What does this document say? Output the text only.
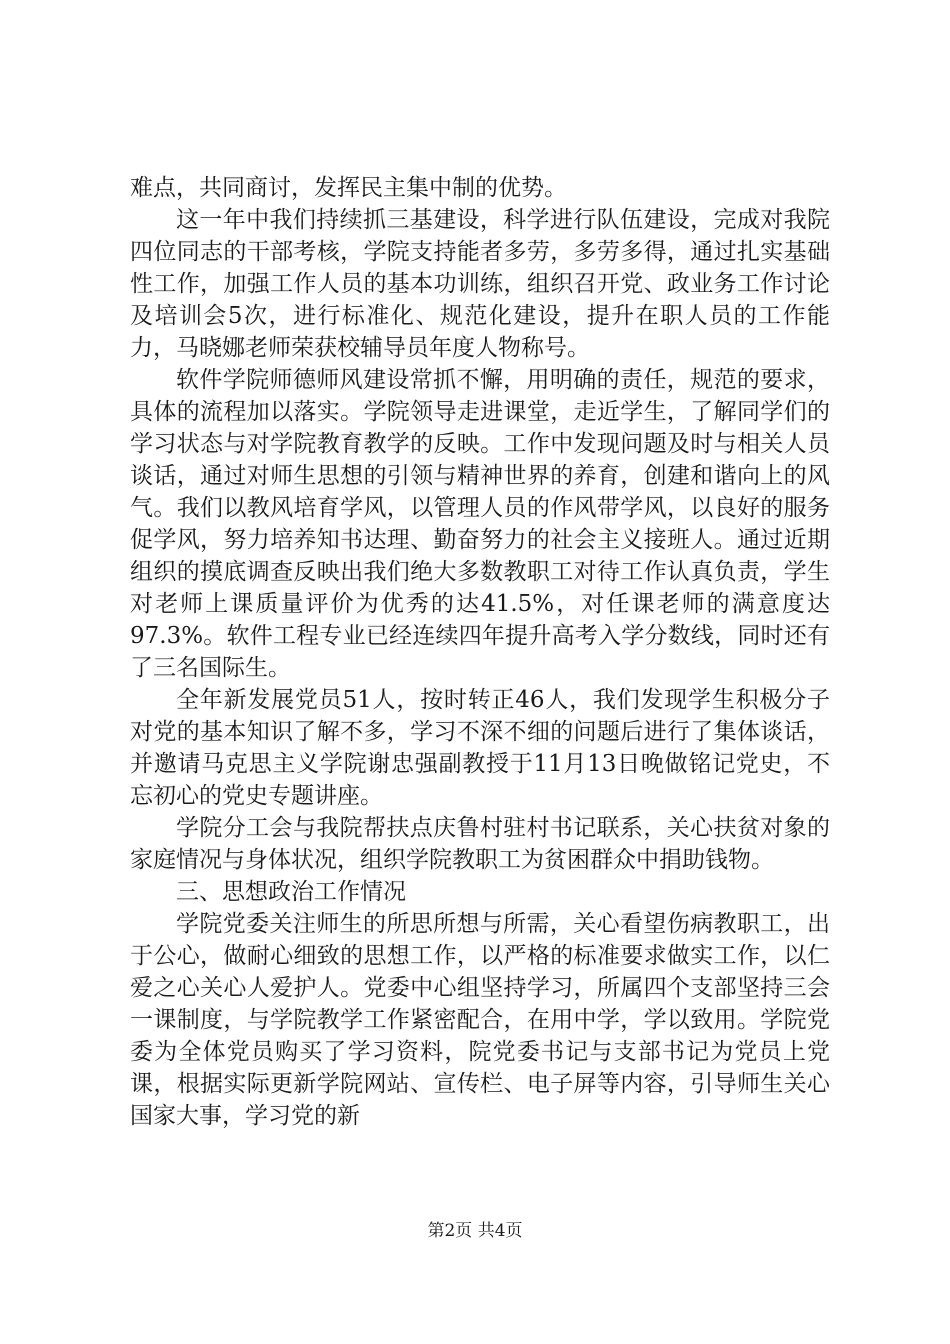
难点，共同商讨，发挥民主集中制的优势。

这一年中我们持续抓三基建设，科学进行队伍建设，完成对我院四位同志的干部考核，学院支持能者多劳，多劳多得，通过扎实基础性工作，加强工作人员的基本功训练，组织召开党、政业务工作讨论及培训会5次，进行标准化、规范化建设，提升在职人员的工作能力，马晓娜老师荣获校辅导员年度人物称号。

软件学院师德师风建设常抓不懈，用明确的责任，规范的要求，具体的流程加以落实。学院领导走进课堂，走近学生，了解同学们的学习状态与对学院教育教学的反映。工作中发现问题及时与相关人员谈话，通过对师生思想的引领与精神世界的养育，创建和谐向上的风气。我们以教风培育学风，以管理人员的作风带学风，以良好的服务促学风，努力培养知书达理、勤奋努力的社会主义接班人。通过近期组织的摸底调查反映出我们绝大多数教职工对待工作认真负责，学生对老师上课质量评价为优秀的达41.5%，对任课老师的满意度达97.3%。软件工程专业已经连续四年提升高考入学分数线，同时还有了三名国际生。

全年新发展党员51人，按时转正46人，我们发现学生积极分子对党的基本知识了解不多，学习不深不细的问题后进行了集体谈话，并邀请马克思主义学院谢忠强副教授于11月13日晚做铭记党史，不忘初心的党史专题讲座。

学院分工会与我院帮扶点庆鲁村驻村书记联系，关心扶贫对象的家庭情况与身体状况，组织学院教职工为贫困群众中捐助钱物。

三、思想政治工作情况

学院党委关注师生的所思所想与所需，关心看望伤病教职工，出于公心，做耐心细致的思想工作，以严格的标准要求做实工作，以仁爱之心关心人爱护人。党委中心组坚持学习，所属四个支部坚持三会一课制度，与学院教学工作紧密配合，在用中学，学以致用。学院党委为全体党员购买了学习资料，院党委书记与支部书记为党员上党课，根据实际更新学院网站、宣传栏、电子屏等内容，引导师生关心国家大事，学习党的新

第2页 共4页
